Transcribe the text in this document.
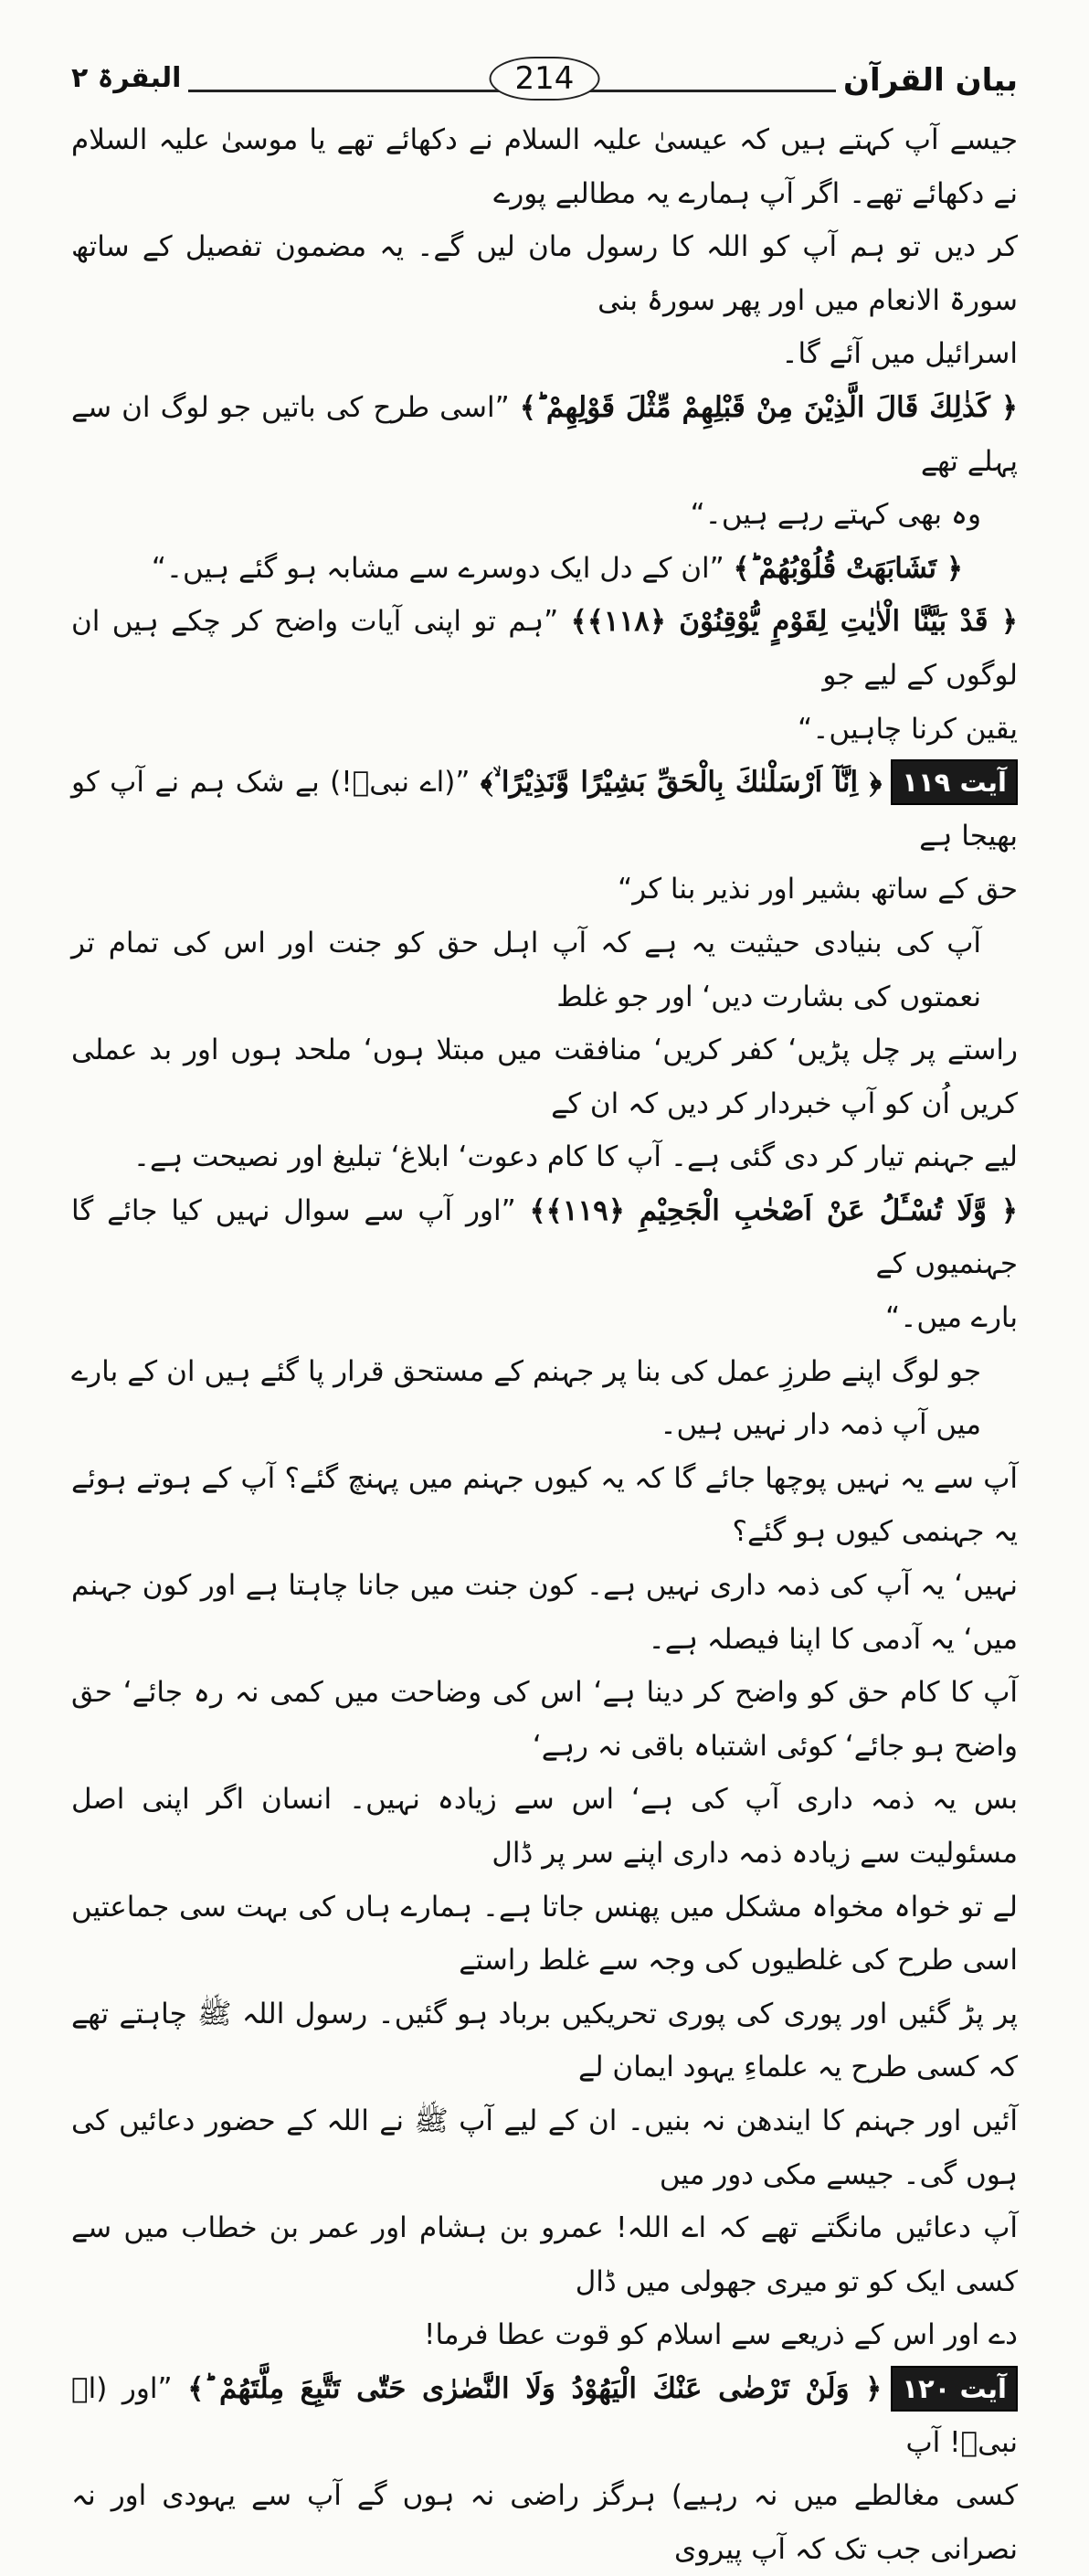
بیان القرآن
214
البقرۃ ۲
جیسے آپ کہتے ہیں کہ عیسیٰ علیہ السلام نے دکھائے تھے یا موسیٰ علیہ السلام نے دکھائے تھے۔ اگر آپ ہمارے یہ مطالبے پورے
کر دیں تو ہم آپ کو اللہ کا رسول مان لیں گے۔ یہ مضمون تفصیل کے ساتھ سورۃ الانعام میں اور پھر سورۂ بنی
اسرائیل میں آئے گا۔
﴿ كَذٰلِكَ قَالَ الَّذِيْنَ مِنْ قَبْلِهِمْ مِّثْلَ قَوْلِهِمْ ؕ﴾ ”اسی طرح کی باتیں جو لوگ ان سے پہلے تھے
وہ بھی کہتے رہے ہیں۔“
﴿ تَشَابَهَتْ قُلُوْبُهُمْ ؕ﴾ ”ان کے دل ایک دوسرے سے مشابہ ہو گئے ہیں۔“
﴿ قَدْ بَيَّنَّا الْاٰيٰتِ لِقَوْمٍ يُّوْقِنُوْنَ ﴿۱۱۸﴾﴾ ”ہم تو اپنی آیات واضح کر چکے ہیں ان لوگوں کے لیے جو
یقین کرنا چاہیں۔“
آیت ۱۱۹﴿ اِنَّآ اَرْسَلْنٰكَ بِالْحَقِّ بَشِيْرًا وَّنَذِيْرًا ۙ﴾ ”(اے نبیؐ!) بے شک ہم نے آپ کو بھیجا ہے
حق کے ساتھ بشیر اور نذیر بنا کر“
آپ کی بنیادی حیثیت یہ ہے کہ آپ اہل حق کو جنت اور اس کی تمام تر نعمتوں کی بشارت دیں‘ اور جو غلط
راستے پر چل پڑیں‘ کفر کریں‘ منافقت میں مبتلا ہوں‘ ملحد ہوں اور بد عملی کریں اُن کو آپ خبردار کر دیں کہ ان کے
لیے جہنم تیار کر دی گئی ہے۔ آپ کا کام دعوت‘ ابلاغ‘ تبلیغ اور نصیحت ہے۔
﴿ وَّلَا تُسْـَٔلُ عَنْ اَصْحٰبِ الْجَحِيْمِ ﴿۱۱۹﴾﴾ ”اور آپ سے سوال نہیں کیا جائے گا جہنمیوں کے
بارے میں۔“
جو لوگ اپنے طرزِ عمل کی بنا پر جہنم کے مستحق قرار پا گئے ہیں ان کے بارے میں آپ ذمہ دار نہیں ہیں۔
آپ سے یہ نہیں پوچھا جائے گا کہ یہ کیوں جہنم میں پہنچ گئے؟ آپ کے ہوتے ہوئے یہ جہنمی کیوں ہو گئے؟
نہیں‘ یہ آپ کی ذمہ داری نہیں ہے۔ کون جنت میں جانا چاہتا ہے اور کون جہنم میں‘ یہ آدمی کا اپنا فیصلہ ہے۔
آپ کا کام حق کو واضح کر دینا ہے‘ اس کی وضاحت میں کمی نہ رہ جائے‘ حق واضح ہو جائے‘ کوئی اشتباہ باقی نہ رہے‘
بس یہ ذمہ داری آپ کی ہے‘ اس سے زیادہ نہیں۔ انسان اگر اپنی اصل مسئولیت سے زیادہ ذمہ داری اپنے سر پر ڈال
لے تو خواہ مخواہ مشکل میں پھنس جاتا ہے۔ ہمارے ہاں کی بہت سی جماعتیں اسی طرح کی غلطیوں کی وجہ سے غلط راستے
پر پڑ گئیں اور پوری کی پوری تحریکیں برباد ہو گئیں۔ رسول اللہ ﷺ چاہتے تھے کہ کسی طرح یہ علماءِ یہود ایمان لے
آئیں اور جہنم کا ایندھن نہ بنیں۔ ان کے لیے آپ ﷺ نے اللہ کے حضور دعائیں کی ہوں گی۔ جیسے مکی دور میں
آپ دعائیں مانگتے تھے کہ اے اللہ! عمرو بن ہشام اور عمر بن خطاب میں سے کسی ایک کو تو میری جھولی میں ڈال
دے اور اس کے ذریعے سے اسلام کو قوت عطا فرما!
آیت ۱۲۰﴿ وَلَنْ تَرْضٰى عَنْكَ الْيَهُوْدُ وَلَا النَّصٰرٰى حَتّٰى تَتَّبِعَ مِلَّتَهُمْ ؕ﴾ ”اور (اے نبیؐ! آپ
کسی مغالطے میں نہ رہیے) ہرگز راضی نہ ہوں گے آپ سے یہودی اور نہ نصرانی جب تک کہ آپ پیروی
